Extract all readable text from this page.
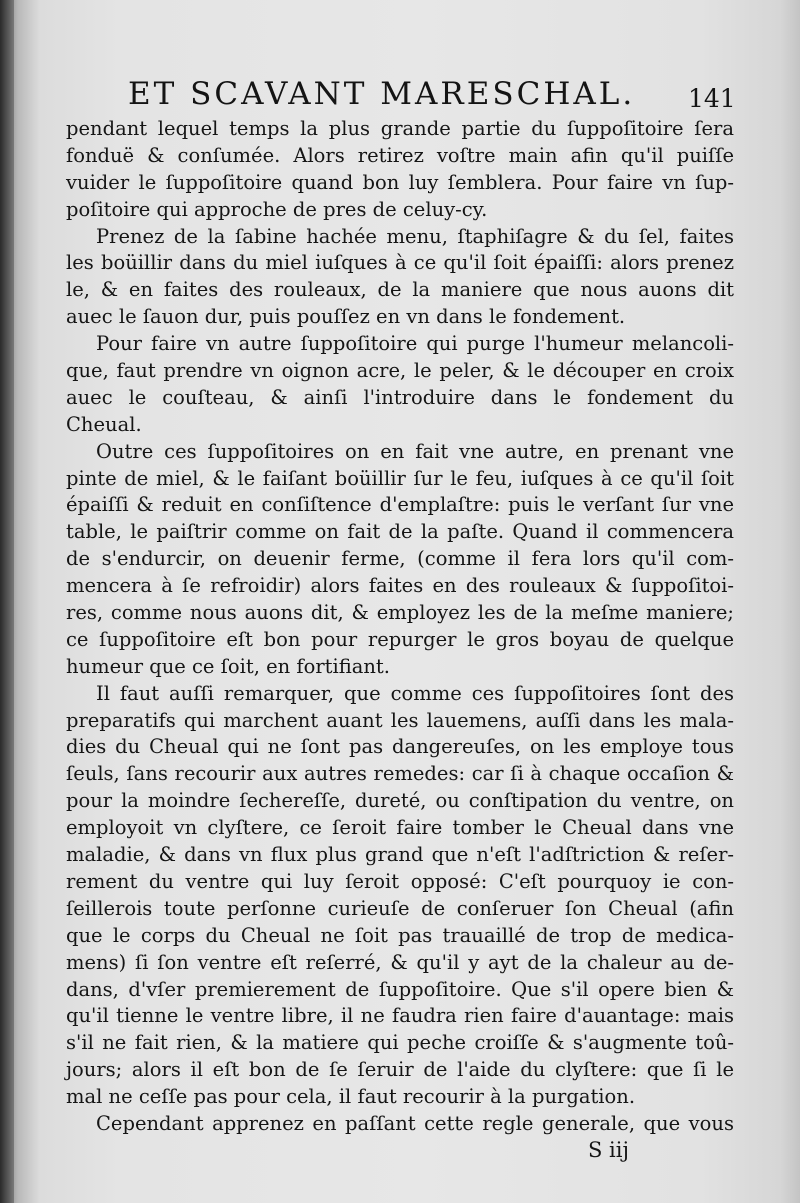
ET SCAVANT MARESCHAL. 141
pendant lequel temps la plus grande partie du ſuppoſitoire ſera
fonduë & conſumée. Alors retirez voſtre main afin qu'il puiſſe
vuider le ſuppoſitoire quand bon luy ſemblera. Pour faire vn ſup-
poſitoire qui approche de pres de celuy-cy.
Prenez de la ſabine hachée menu, ſtaphiſagre & du ſel, faites
les boüillir dans du miel iuſques à ce qu'il ſoit épaiſſi: alors prenez
le, & en faites des rouleaux, de la maniere que nous auons dit
auec le ſauon dur, puis pouſſez en vn dans le fondement.
Pour faire vn autre ſuppoſitoire qui purge l'humeur melancoli-
que, faut prendre vn oignon acre, le peler, & le découper en croix
auec le couſteau, & ainſi l'introduire dans le fondement du
Cheual.
Outre ces ſuppoſitoires on en fait vne autre, en prenant vne
pinte de miel, & le faiſant boüillir ſur le feu, iuſques à ce qu'il ſoit
épaiſſi & reduit en conſiſtence d'emplaſtre: puis le verſant ſur vne
table, le paiſtrir comme on fait de la paſte. Quand il commencera
de s'endurcir, on deuenir ferme, (comme il fera lors qu'il com-
mencera à ſe refroidir) alors faites en des rouleaux & ſuppoſitoi-
res, comme nous auons dit, & employez les de la meſme maniere;
ce ſuppoſitoire eſt bon pour repurger le gros boyau de quelque
humeur que ce ſoit, en fortifiant.
Il faut auſſi remarquer, que comme ces ſuppoſitoires ſont des
preparatifs qui marchent auant les lauemens, auſſi dans les mala-
dies du Cheual qui ne ſont pas dangereuſes, on les employe tous
ſeuls, ſans recourir aux autres remedes: car ſi à chaque occaſion &
pour la moindre ſechereſſe, dureté, ou conſtipation du ventre, on
employoit vn clyſtere, ce ſeroit faire tomber le Cheual dans vne
maladie, & dans vn flux plus grand que n'eſt l'adſtriction & reſer-
rement du ventre qui luy ſeroit opposé: C'eſt pourquoy ie con-
ſeillerois toute perſonne curieuſe de conſeruer ſon Cheual (afin
que le corps du Cheual ne ſoit pas trauaillé de trop de medica-
mens) ſi ſon ventre eſt reſerré, & qu'il y ayt de la chaleur au de-
dans, d'vſer premierement de ſuppoſitoire. Que s'il opere bien &
qu'il tienne le ventre libre, il ne faudra rien faire d'auantage: mais
s'il ne fait rien, & la matiere qui peche croiſſe & s'augmente toû-
jours; alors il eſt bon de ſe ſeruir de l'aide du clyſtere: que ſi le
mal ne ceſſe pas pour cela, il faut recourir à la purgation.
Cependant apprenez en paſſant cette regle generale, que vous
S iij
